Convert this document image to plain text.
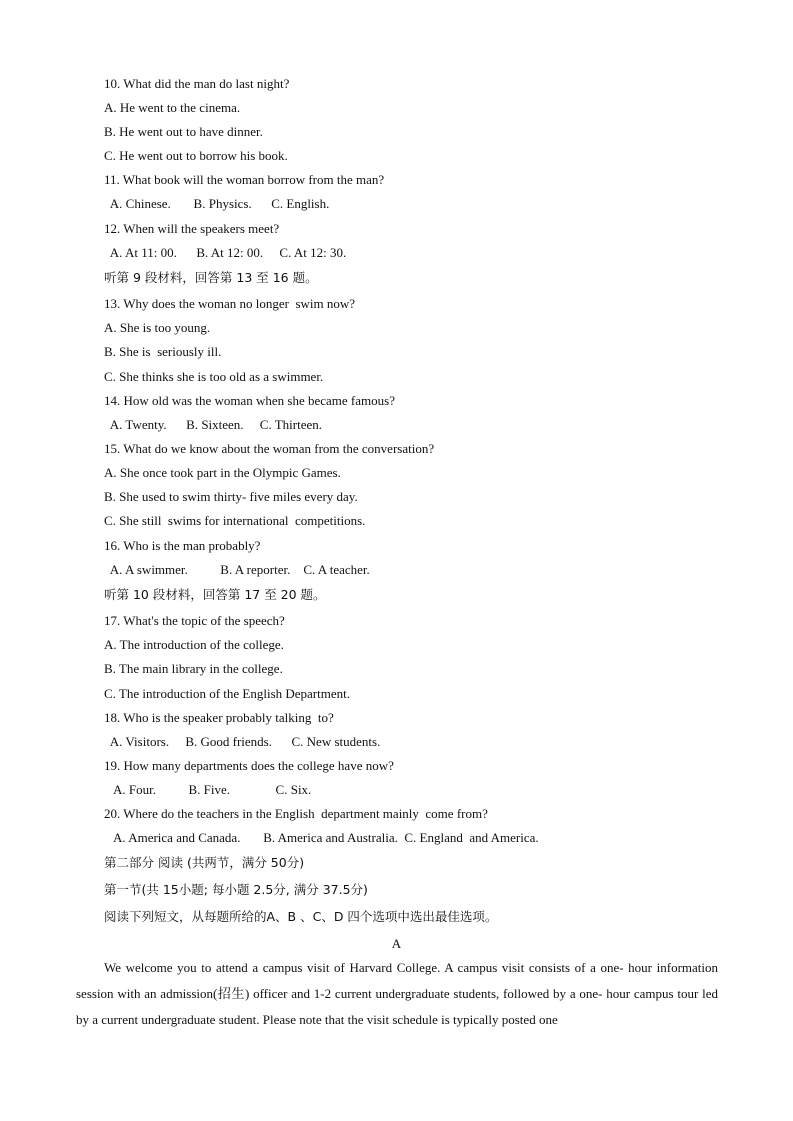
10. What did the man do last night?
A. He went to the cinema.
B. He went out to have dinner.
C. He went out to borrow his book.
11. What book will the woman borrow from the man?
A. Chinese.       B. Physics.      C. English.
12. When will the speakers meet?
A. At 11: 00.      B. At 12: 00.     C. At 12: 30.
听第 9 段材料，回答第 13 至 16 题。
13. Why does the woman no longer  swim now?
A. She is too young.
B. She is  seriously ill.
C. She thinks she is too old as a swimmer.
14. How old was the woman when she became famous?
A. Twenty.      B. Sixteen.     C. Thirteen.
15. What do we know about the woman from the conversation?
A. She once took part in the Olympic Games.
B. She used to swim thirty- five miles every day.
C. She still  swims for international  competitions.
16. Who is the man probably?
A. A swimmer.          B. A reporter.    C. A teacher.
听第 10 段材料，回答第 17 至 20 题。
17. What's the topic of the speech?
A. The introduction of the college.
B. The main library in the college.
C. The introduction of the English Department.
18. Who is the speaker probably talking  to?
A. Visitors.     B. Good friends.      C. New students.
19. How many departments does the college have now?
A. Four.          B. Five.              C. Six.
20. Where do the teachers in the English  department mainly  come from?
A. America and Canada.       B. America and Australia.  C. England  and America.
第二部分 阅读 (共两节，满分 50分)
第一节(共 15小题; 每小题 2.5分, 满分 37.5分)
阅读下列短文，从每题所给的A、B 、C、D 四个选项中选出最佳选项。
A
We welcome you to attend a campus visit of Harvard College. A campus visit consists of a one- hour information session with an admission(招生) officer and 1-2 current undergraduate students, followed by a one- hour campus tour led by a current undergraduate student. Please note that the visit schedule is typically posted one
